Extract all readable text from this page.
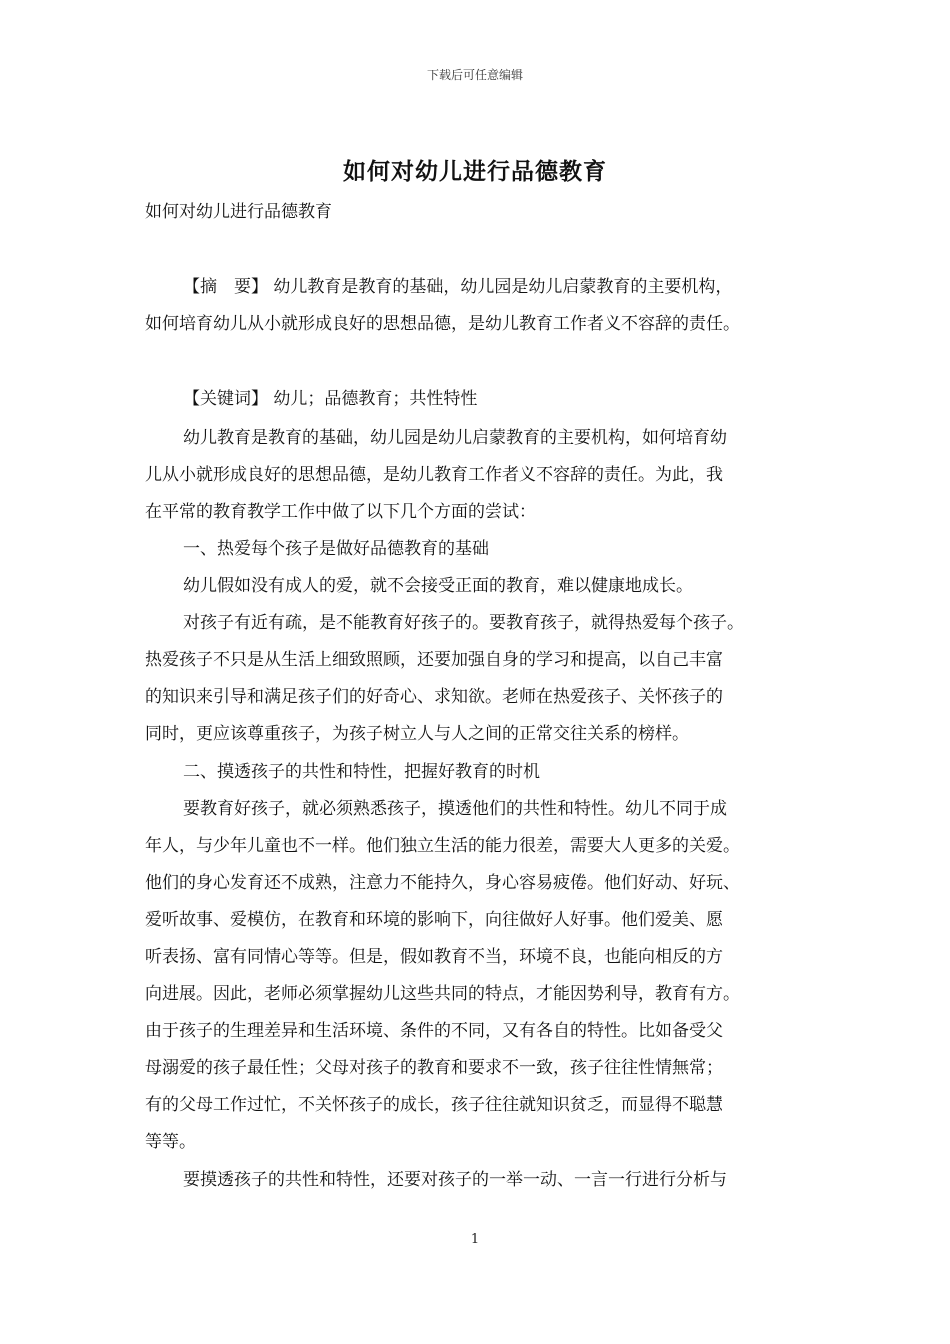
下载后可任意编辑
如何对幼儿进行品德教育
如何对幼儿进行品德教育
【摘　要】 幼儿教育是教育的基础，幼儿园是幼儿启蒙教育的主要机构，
如何培育幼儿从小就形成良好的思想品德，是幼儿教育工作者义不容辞的责任。
【关键词】 幼儿；品德教育；共性特性
幼儿教育是教育的基础，幼儿园是幼儿启蒙教育的主要机构，如何培育幼
儿从小就形成良好的思想品德，是幼儿教育工作者义不容辞的责任。为此，我
在平常的教育教学工作中做了以下几个方面的尝试：
一、热爱每个孩子是做好品德教育的基础
幼儿假如没有成人的爱，就不会接受正面的教育，难以健康地成长。
对孩子有近有疏，是不能教育好孩子的。要教育孩子，就得热爱每个孩子。
热爱孩子不只是从生活上细致照顾，还要加强自身的学习和提高，以自己丰富
的知识来引导和满足孩子们的好奇心、求知欲。老师在热爱孩子、关怀孩子的
同时，更应该尊重孩子，为孩子树立人与人之间的正常交往关系的榜样。
二、摸透孩子的共性和特性，把握好教育的时机
要教育好孩子，就必须熟悉孩子，摸透他们的共性和特性。幼儿不同于成
年人，与少年儿童也不一样。他们独立生活的能力很差，需要大人更多的关爱。
他们的身心发育还不成熟，注意力不能持久，身心容易疲倦。他们好动、好玩、
爱听故事、爱模仿，在教育和环境的影响下，向往做好人好事。他们爱美、愿
听表扬、富有同情心等等。但是，假如教育不当，环境不良，也能向相反的方
向进展。因此，老师必须掌握幼儿这些共同的特点，才能因势利导，教育有方。
由于孩子的生理差异和生活环境、条件的不同，又有各自的特性。比如备受父
母溺爱的孩子最任性；父母对孩子的教育和要求不一致，孩子往往性情無常；
有的父母工作过忙，不关怀孩子的成长，孩子往往就知识贫乏，而显得不聪慧
等等。
要摸透孩子的共性和特性，还要对孩子的一举一动、一言一行进行分析与
1
